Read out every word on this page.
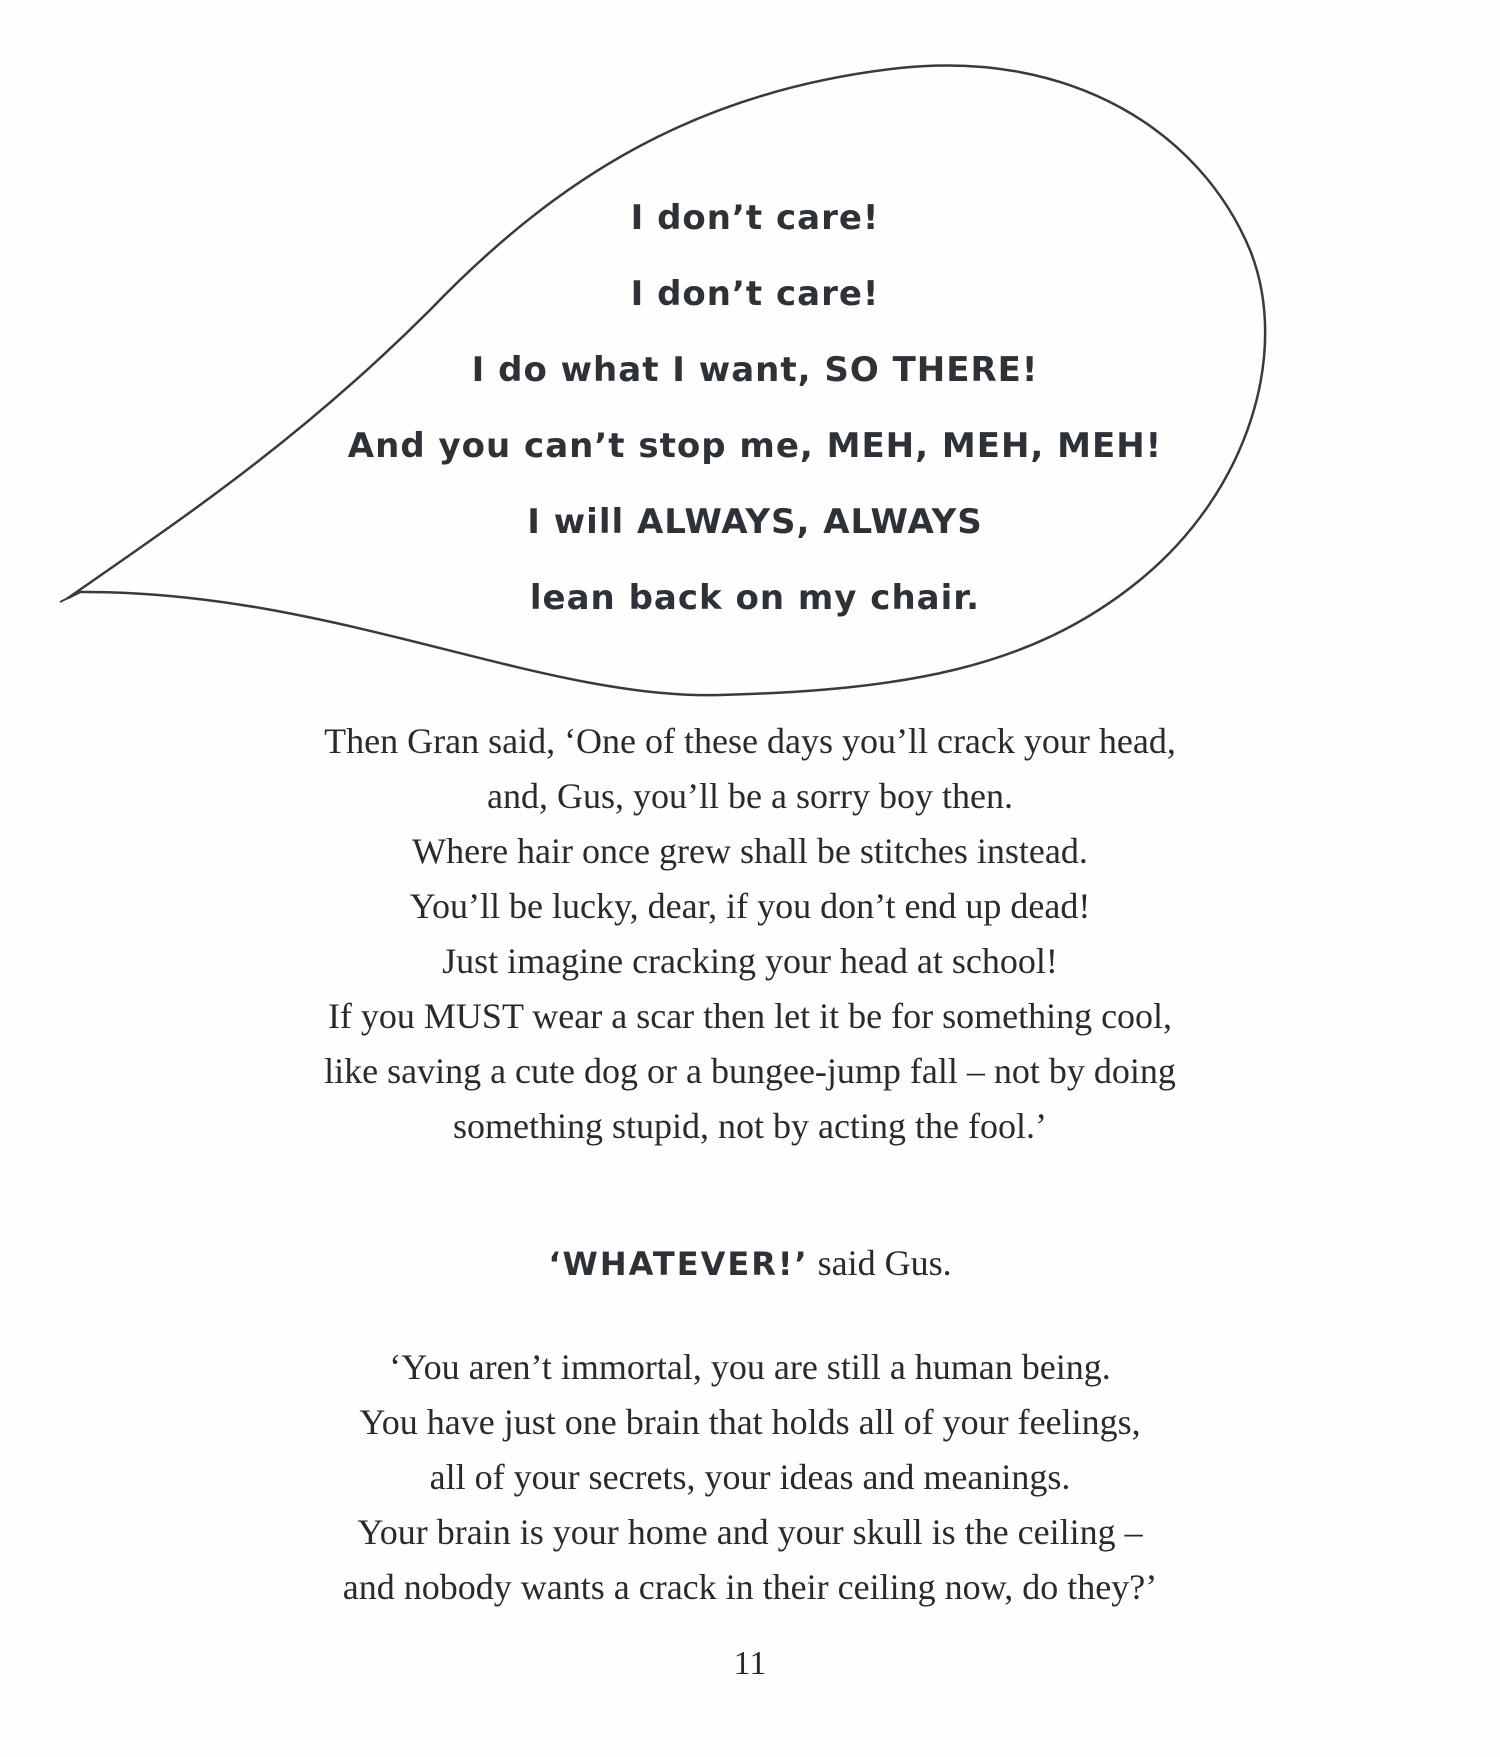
I don’t care!
I don’t care!
I do what I want, SO THERE!
And you can’t stop me, MEH, MEH, MEH!
I will ALWAYS, ALWAYS
lean back on my chair.
Then Gran said, ‘One of these days you’ll crack your head,
and, Gus, you’ll be a sorry boy then.
Where hair once grew shall be stitches instead.
You’ll be lucky, dear, if you don’t end up dead!
Just imagine cracking your head at school!
If you MUST wear a scar then let it be for something cool,
like saving a cute dog or a bungee-jump fall – not by doing
something stupid, not by acting the fool.’

‘WHATEVER!’ said Gus.

‘You aren’t immortal, you are still a human being.
You have just one brain that holds all of your feelings,
all of your secrets, your ideas and meanings.
Your brain is your home and your skull is the ceiling –
and nobody wants a crack in their ceiling now, do they?’
11
